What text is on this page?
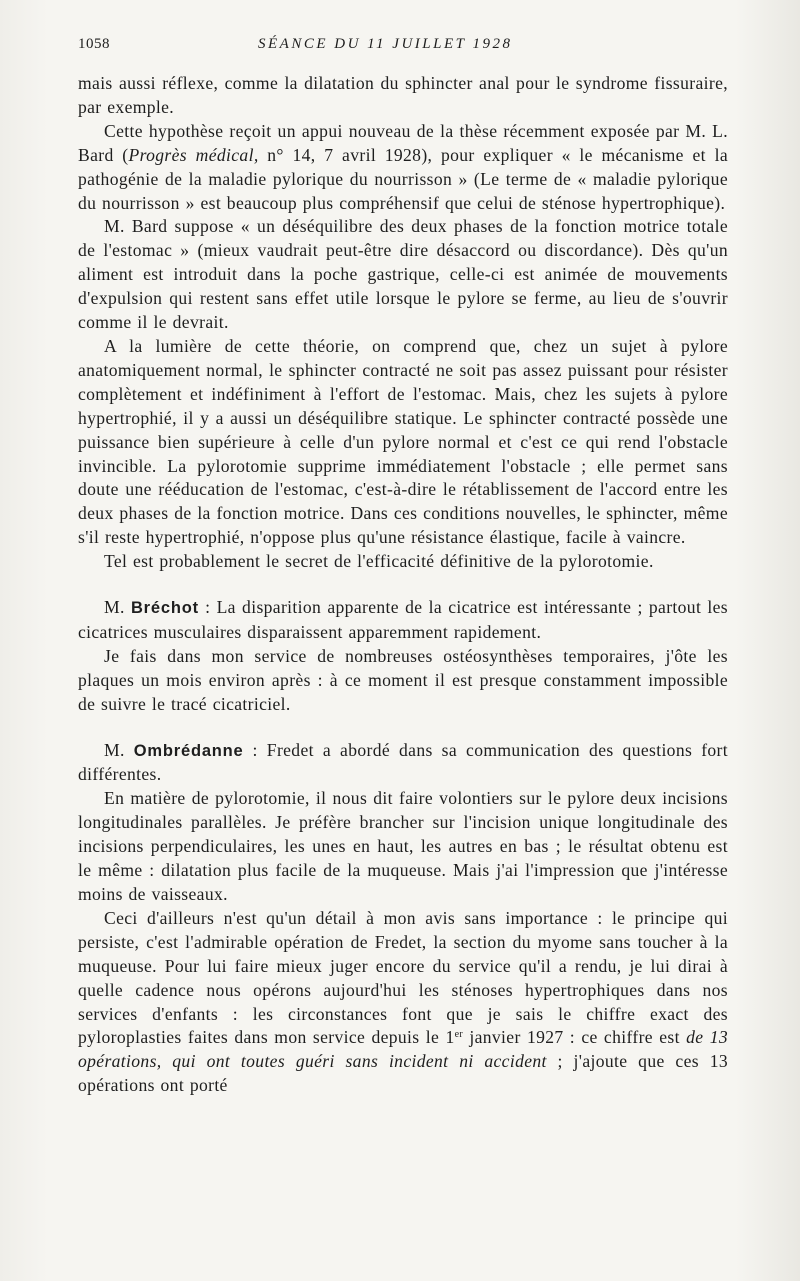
1058	SÉANCE DU 11 JUILLET 1928

mais aussi réflexe, comme la dilatation du sphincter anal pour le syndrome fissuraire, par exemple.

Cette hypothèse reçoit un appui nouveau de la thèse récemment exposée par M. L. Bard (Progrès médical, n° 14, 7 avril 1928), pour expliquer « le mécanisme et la pathogénie de la maladie pylorique du nourrisson » (Le terme de « maladie pylorique du nourrisson » est beaucoup plus compréhensif que celui de sténose hypertrophique).

M. Bard suppose « un déséquilibre des deux phases de la fonction motrice totale de l'estomac » (mieux vaudrait peut-être dire désaccord ou discordance). Dès qu'un aliment est introduit dans la poche gastrique, celle-ci est animée de mouvements d'expulsion qui restent sans effet utile lorsque le pylore se ferme, au lieu de s'ouvrir comme il le devrait.

A la lumière de cette théorie, on comprend que, chez un sujet à pylore anatomiquement normal, le sphincter contracté ne soit pas assez puissant pour résister complètement et indéfiniment à l'effort de l'estomac. Mais, chez les sujets à pylore hypertrophié, il y a aussi un déséquilibre statique. Le sphincter contracté possède une puissance bien supérieure à celle d'un pylore normal et c'est ce qui rend l'obstacle invincible. La pylorotomie supprime immédiatement l'obstacle ; elle permet sans doute une rééducation de l'estomac, c'est-à-dire le rétablissement de l'accord entre les deux phases de la fonction motrice. Dans ces conditions nouvelles, le sphincter, même s'il reste hypertrophié, n'oppose plus qu'une résistance élastique, facile à vaincre.

Tel est probablement le secret de l'efficacité définitive de la pylorotomie.

M. Bréchot : La disparition apparente de la cicatrice est intéressante ; partout les cicatrices musculaires disparaissent apparemment rapidement.

Je fais dans mon service de nombreuses ostéosynthèses temporaires, j'ôte les plaques un mois environ après : à ce moment il est presque constamment impossible de suivre le tracé cicatriciel.

M. Ombrédanne : Fredet a abordé dans sa communication des questions fort différentes.

En matière de pylorotomie, il nous dit faire volontiers sur le pylore deux incisions longitudinales parallèles. Je préfère brancher sur l'incision unique longitudinale des incisions perpendiculaires, les unes en haut, les autres en bas ; le résultat obtenu est le même : dilatation plus facile de la muqueuse. Mais j'ai l'impression que j'intéresse moins de vaisseaux.

Ceci d'ailleurs n'est qu'un détail à mon avis sans importance : le principe qui persiste, c'est l'admirable opération de Fredet, la section du myome sans toucher à la muqueuse. Pour lui faire mieux juger encore du service qu'il a rendu, je lui dirai à quelle cadence nous opérons aujourd'hui les sténoses hypertrophiques dans nos services d'enfants : les circonstances font que je sais le chiffre exact des pyloroplasties faites dans mon service depuis le 1er janvier 1927 : ce chiffre est de 13 opérations, qui ont toutes guéri sans incident ni accident ; j'ajoute que ces 13 opérations ont porté
